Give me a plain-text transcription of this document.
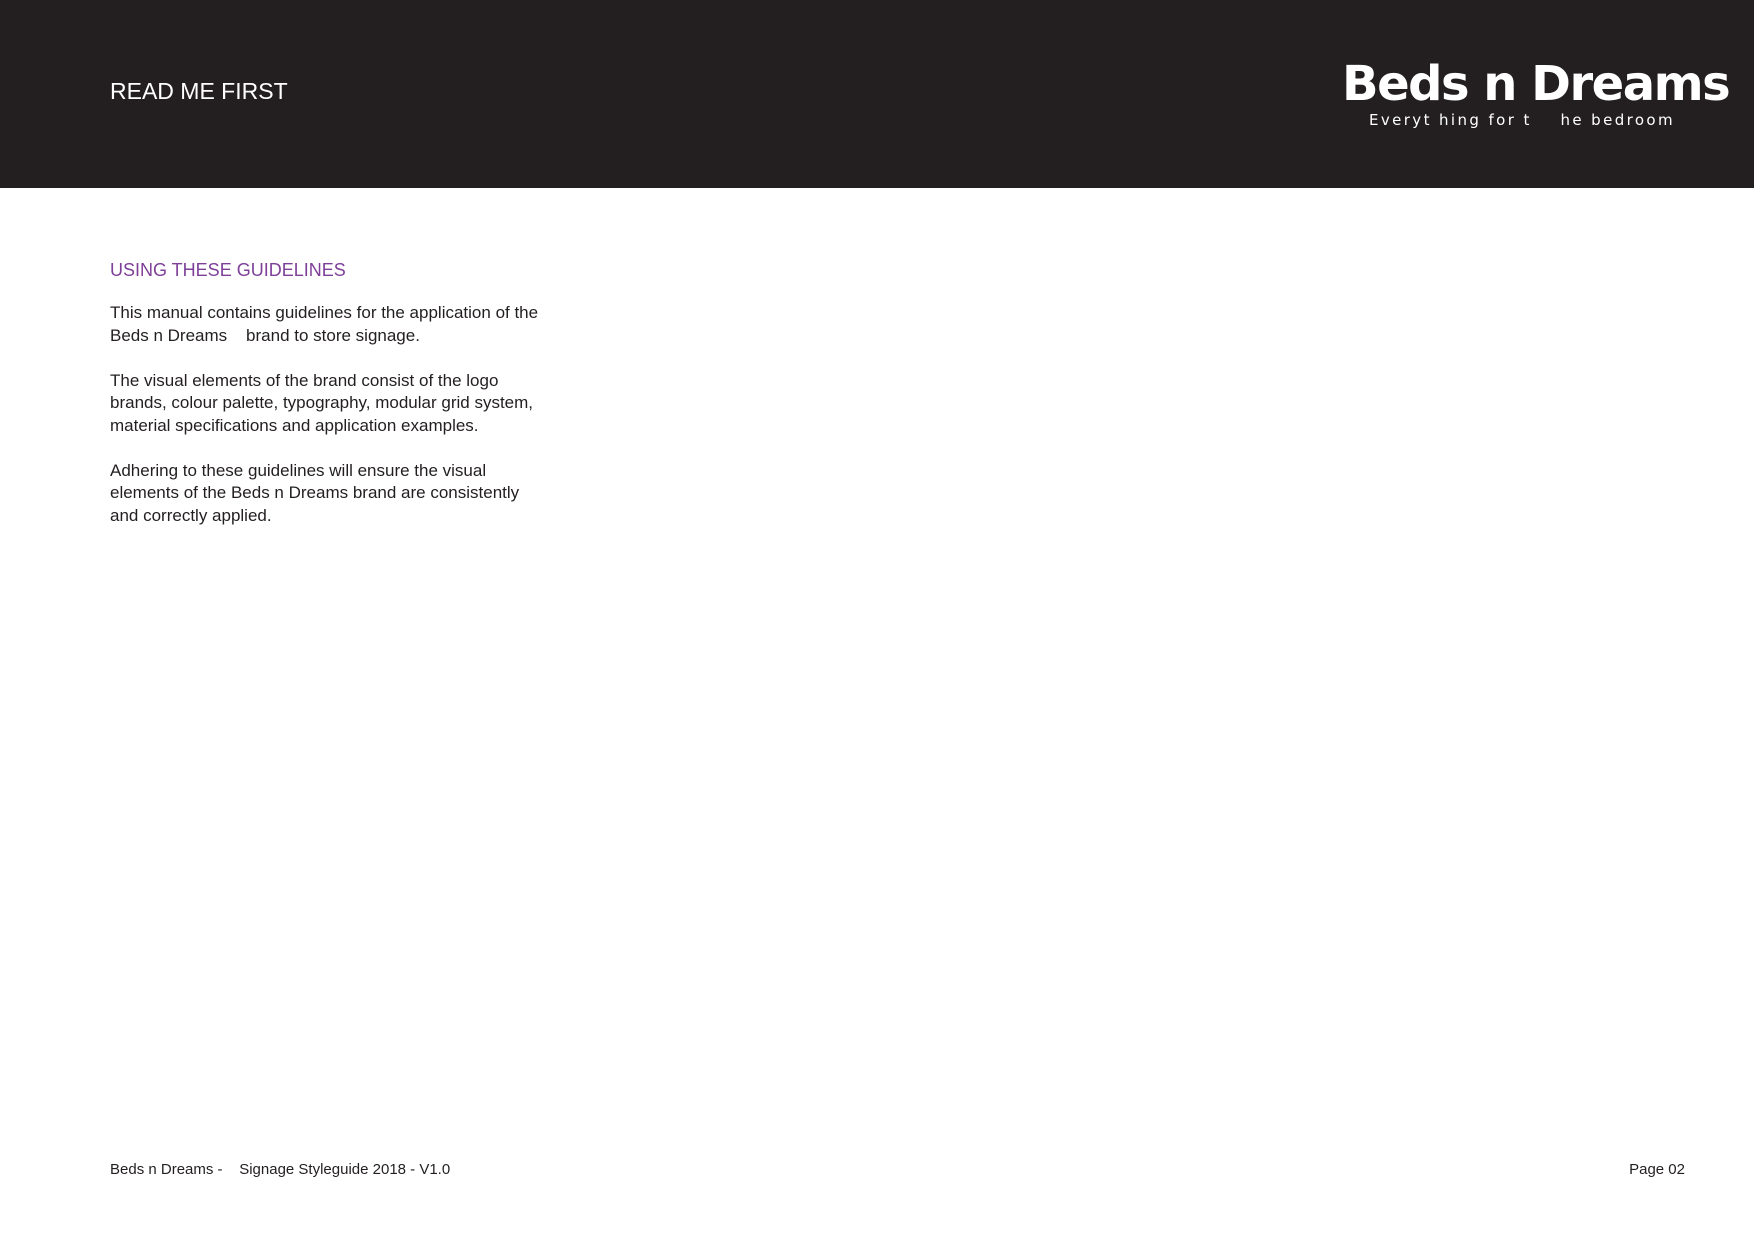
READ ME FIRST	Beds n Dreams
Everyt hing for t    he bedroom
USING THESE GUIDELINES

This manual contains guidelines for the application of the  Beds n Dreams    brand to store signage.

The visual elements of the brand consist of the logo brands, colour palette, typography, modular grid system, material specifications and application examples.

Adhering to these guidelines will ensure the visual elements of the Beds n Dreams brand are consistently and correctly applied.

Beds n Dreams -    Signage Styleguide 2018 - V1.0	Page 02
